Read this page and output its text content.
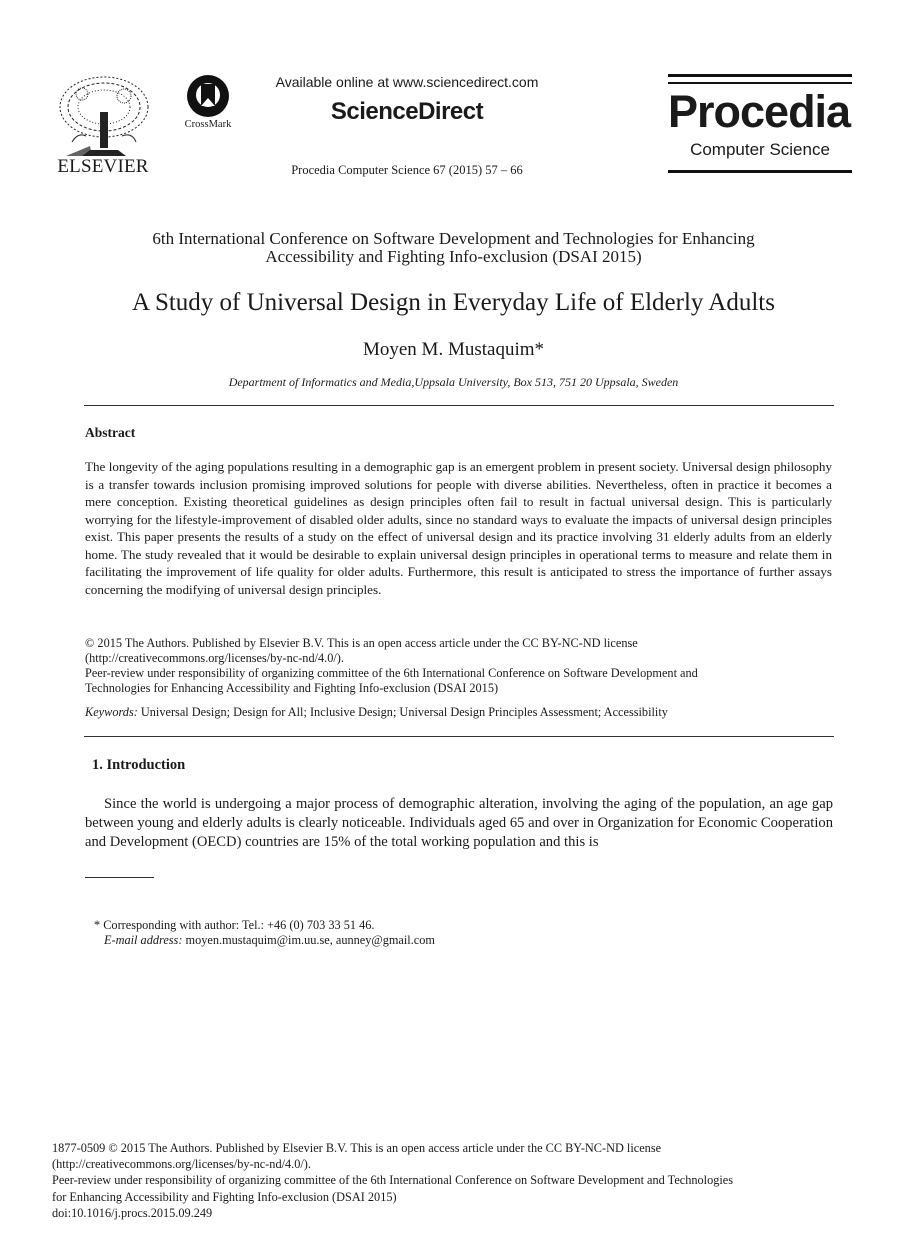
ELSEVIER
CrossMark
Available online at www.sciencedirect.com
ScienceDirect
Procedia Computer Science 67 (2015) 57 – 66
Procedia
Computer Science
6th International Conference on Software Development and Technologies for Enhancing
Accessibility and Fighting Info-exclusion (DSAI 2015)
A Study of Universal Design in Everyday Life of Elderly Adults
Moyen M. Mustaquim*
Department of Informatics and Media,Uppsala University, Box 513, 751 20 Uppsala, Sweden
Abstract
The longevity of the aging populations resulting in a demographic gap is an emergent problem in present society. Universal design philosophy is a transfer towards inclusion promising improved solutions for people with diverse abilities. Nevertheless, often in practice it becomes a mere conception. Existing theoretical guidelines as design principles often fail to result in factual universal design. This is particularly worrying for the lifestyle-improvement of disabled older adults, since no standard ways to evaluate the impacts of universal design principles exist. This paper presents the results of a study on the effect of universal design and its practice involving 31 elderly adults from an elderly home. The study revealed that it would be desirable to explain universal design principles in operational terms to measure and relate them in facilitating the improvement of life quality for older adults. Furthermore, this result is anticipated to stress the importance of further assays concerning the modifying of universal design principles.
© 2015 The Authors. Published by Elsevier B.V. This is an open access article under the CC BY-NC-ND license
(http://creativecommons.org/licenses/by-nc-nd/4.0/).
Peer-review under responsibility of organizing committee of the 6th International Conference on Software Development and
Technologies for Enhancing Accessibility and Fighting Info-exclusion (DSAI 2015)
Keywords: Universal Design; Design for All; Inclusive Design; Universal Design Principles Assessment; Accessibility
1. Introduction

Since the world is undergoing a major process of demographic alteration, involving the aging of the population, an age gap between young and elderly adults is clearly noticeable. Individuals aged 65 and over in Organization for Economic Cooperation and Development (OECD) countries are 15% of the total working population and this is

* Corresponding with author: Tel.: +46 (0) 703 33 51 46.
E-mail address: moyen.mustaquim@im.uu.se, aunney@gmail.com
1877-0509 © 2015 The Authors. Published by Elsevier B.V. This is an open access article under the CC BY-NC-ND license
(http://creativecommons.org/licenses/by-nc-nd/4.0/).
Peer-review under responsibility of organizing committee of the 6th International Conference on Software Development and Technologies
for Enhancing Accessibility and Fighting Info-exclusion (DSAI 2015)
doi:10.1016/j.procs.2015.09.249
